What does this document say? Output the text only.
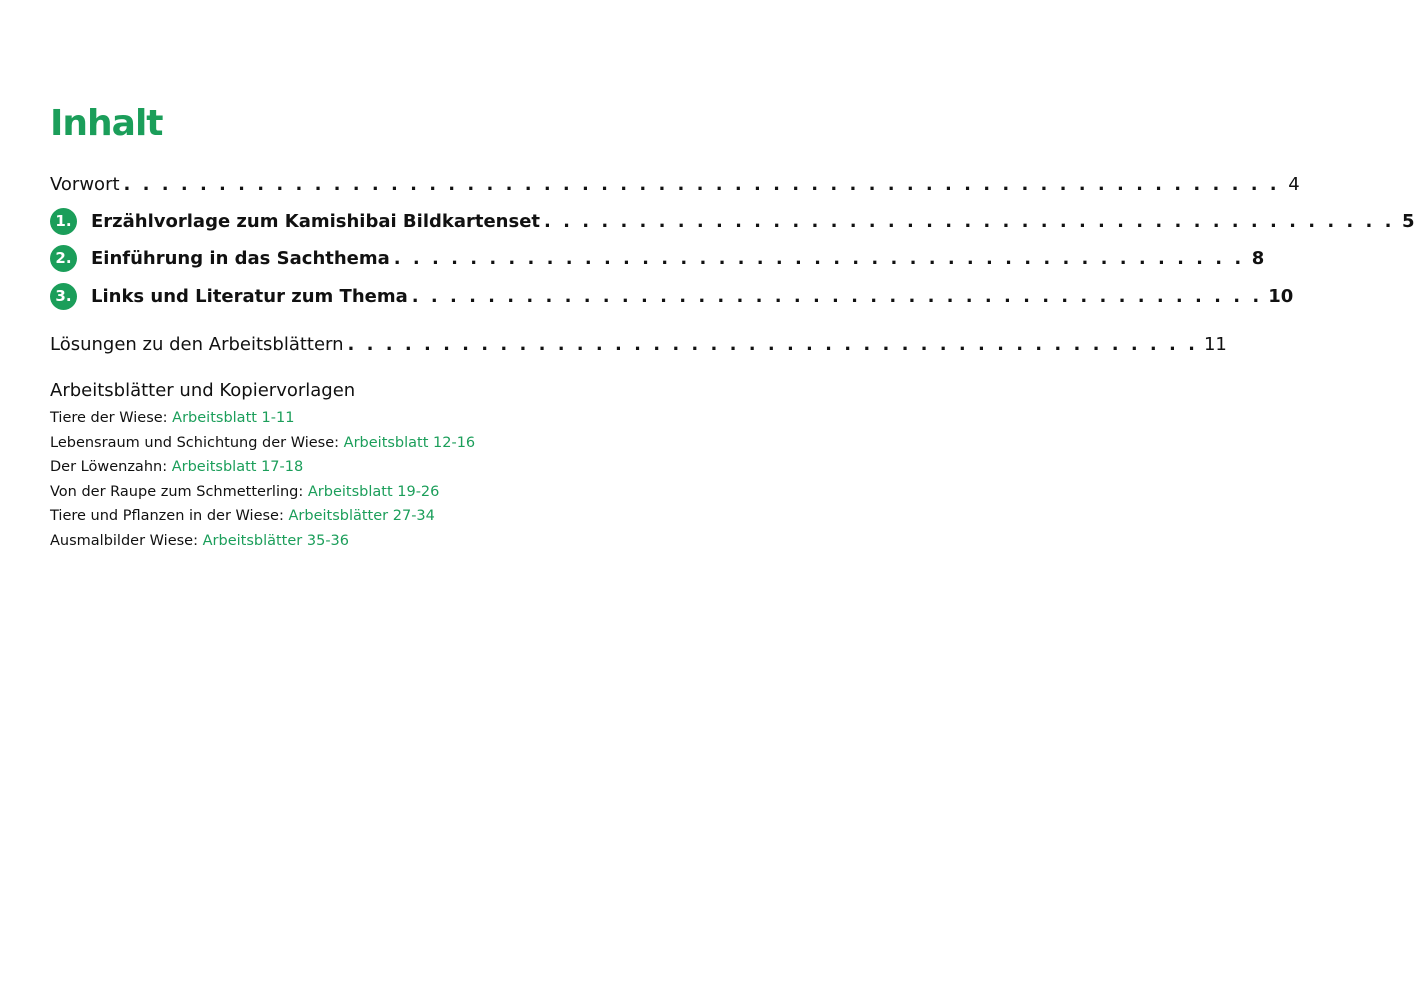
Inhalt
Vorwort . . . . . . . . . . . . . . . . . . . . . . . . . . . . . . . . . . . . . . . . . . . . . . . . . . . . . . . . . . . . . 4
1.	Erzählvorlage zum Kamishibai Bildkartenset . . . . . . . . . . . . . . . . . . . . . . . . . . . . . . . . . . . . . . . . . . . . . 5
2.	Einführung in das Sachthema . . . . . . . . . . . . . . . . . . . . . . . . . . . . . . . . . . . . . . . . . . . . . 8
3.	Links und Literatur zum Thema . . . . . . . . . . . . . . . . . . . . . . . . . . . . . . . . . . . . . . . . . . . . . 10
Lösungen zu den Arbeitsblättern . . . . . . . . . . . . . . . . . . . . . . . . . . . . . . . . . . . . . . . . . . . . . 11
Arbeitsblätter und Kopiervorlagen
Tiere der Wiese: Arbeitsblatt 1-11
Lebensraum und Schichtung der Wiese: Arbeitsblatt 12-16
Der Löwenzahn: Arbeitsblatt 17-18
Von der Raupe zum Schmetterling: Arbeitsblatt 19-26
Tiere und Pflanzen in der Wiese: Arbeitsblätter 27-34
Ausmalbilder Wiese: Arbeitsblätter 35-36
